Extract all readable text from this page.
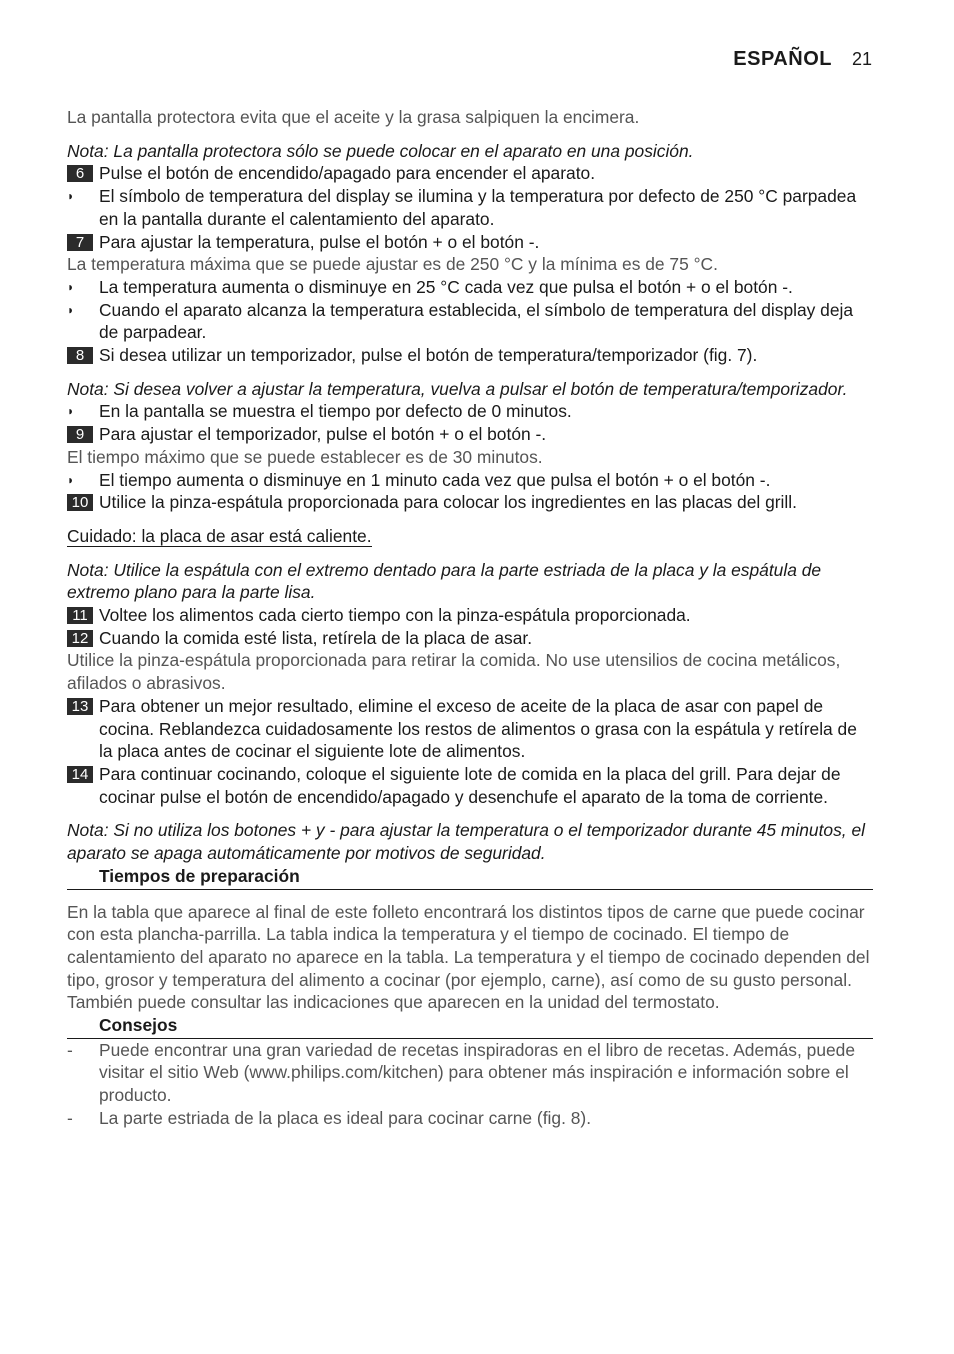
ESPAÑOL 21

La pantalla protectora evita que el aceite y la grasa salpiquen la encimera.

Nota: La pantalla protectora sólo se puede colocar en el aparato en una posición.

6 Pulse el botón de encendido/apagado para encender el aparato.
◗ El símbolo de temperatura del display se ilumina y la temperatura por defecto de 250 °C parpadea en la pantalla durante el calentamiento del aparato.
7 Para ajustar la temperatura, pulse el botón + o el botón -.

La temperatura máxima que se puede ajustar es de 250 °C y la mínima es de 75 °C.

◗ La temperatura aumenta o disminuye en 25 °C cada vez que pulsa el botón + o el botón -.
◗ Cuando el aparato alcanza la temperatura establecida, el símbolo de temperatura del display deja de parpadear.
8 Si desea utilizar un temporizador, pulse el botón de temperatura/temporizador (fig. 7).

Nota: Si desea volver a ajustar la temperatura, vuelva a pulsar el botón de temperatura/temporizador.

◗ En la pantalla se muestra el tiempo por defecto de 0 minutos.
9 Para ajustar el temporizador, pulse el botón + o el botón -.

El tiempo máximo que se puede establecer es de 30 minutos.

◗ El tiempo aumenta o disminuye en 1 minuto cada vez que pulsa el botón + o el botón -.
10 Utilice la pinza-espátula proporcionada para colocar los ingredientes en las placas del grill.

Cuidado: la placa de asar está caliente.

Nota: Utilice la espátula con el extremo dentado para la parte estriada de la placa y la espátula de extremo plano para la parte lisa.

11 Voltee los alimentos cada cierto tiempo con la pinza-espátula proporcionada.
12 Cuando la comida esté lista, retírela de la placa de asar.

Utilice la pinza-espátula proporcionada para retirar la comida. No use utensilios de cocina metálicos, afilados o abrasivos.

13 Para obtener un mejor resultado, elimine el exceso de aceite de la placa de asar con papel de cocina. Reblandezca cuidadosamente los restos de alimentos o grasa con la espátula y retírela de la placa antes de cocinar el siguiente lote de alimentos.
14 Para continuar cocinando, coloque el siguiente lote de comida en la placa del grill. Para dejar de cocinar pulse el botón de encendido/apagado y desenchufe el aparato de la toma de corriente.

Nota: Si no utiliza los botones + y - para ajustar la temperatura o el temporizador durante 45 minutos, el aparato se apaga automáticamente por motivos de seguridad.

Tiempos de preparación

En la tabla que aparece al final de este folleto encontrará los distintos tipos de carne que puede cocinar con esta plancha-parrilla. La tabla indica la temperatura y el tiempo de cocinado. El tiempo de calentamiento del aparato no aparece en la tabla. La temperatura y el tiempo de cocinado dependen del tipo, grosor y temperatura del alimento a cocinar (por ejemplo, carne), así como de su gusto personal. También puede consultar las indicaciones que aparecen en la unidad del termostato.

Consejos
- Puede encontrar una gran variedad de recetas inspiradoras en el libro de recetas. Además, puede visitar el sitio Web (www.philips.com/kitchen) para obtener más inspiración e información sobre el producto.
- La parte estriada de la placa es ideal para cocinar carne (fig. 8).
